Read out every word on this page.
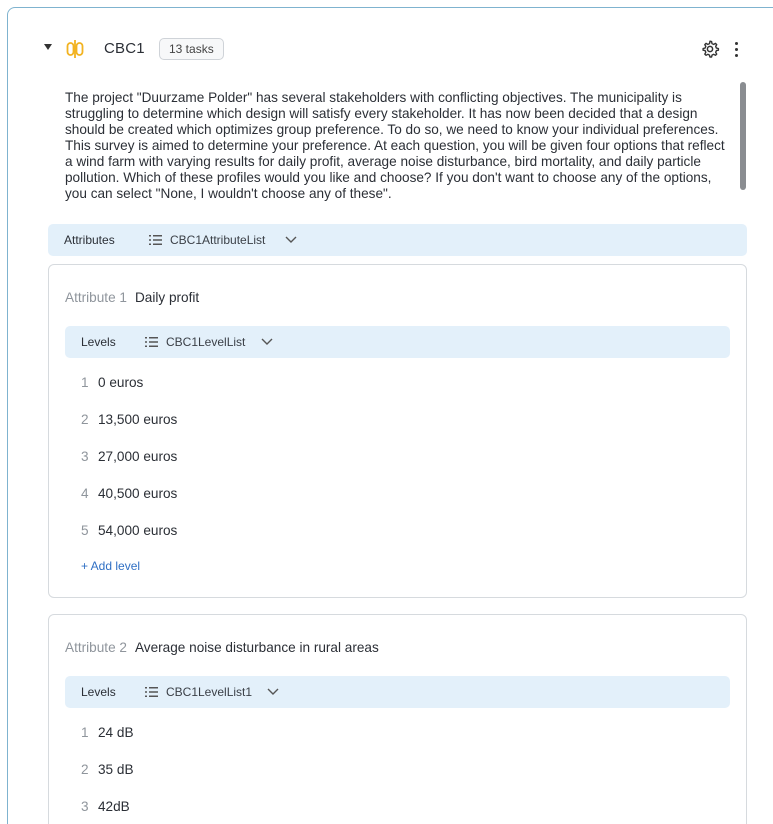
CBC1	13 tasks
The project "Duurzame Polder" has several stakeholders with conflicting objectives. The municipality is struggling to determine which design will satisfy every stakeholder. It has now been decided that a design should be created which optimizes group preference. To do so, we need to know your individual preferences. This survey is aimed to determine your preference. At each question, you will be given four options that reflect a wind farm with varying results for daily profit, average noise disturbance, bird mortality, and daily particle pollution. Which of these profiles would you like and choose? If you don't want to choose any of the options, you can select "None, I wouldn't choose any of these".
Attributes	CBC1AttributeList
Attribute 1 Daily profit
Levels	CBC1LevelList
1 0 euros
2 13,500 euros
3 27,000 euros
4 40,500 euros
5 54,000 euros
+ Add level
Attribute 2 Average noise disturbance in rural areas
Levels	CBC1LevelList1
1 24 dB
2 35 dB
3 42dB
